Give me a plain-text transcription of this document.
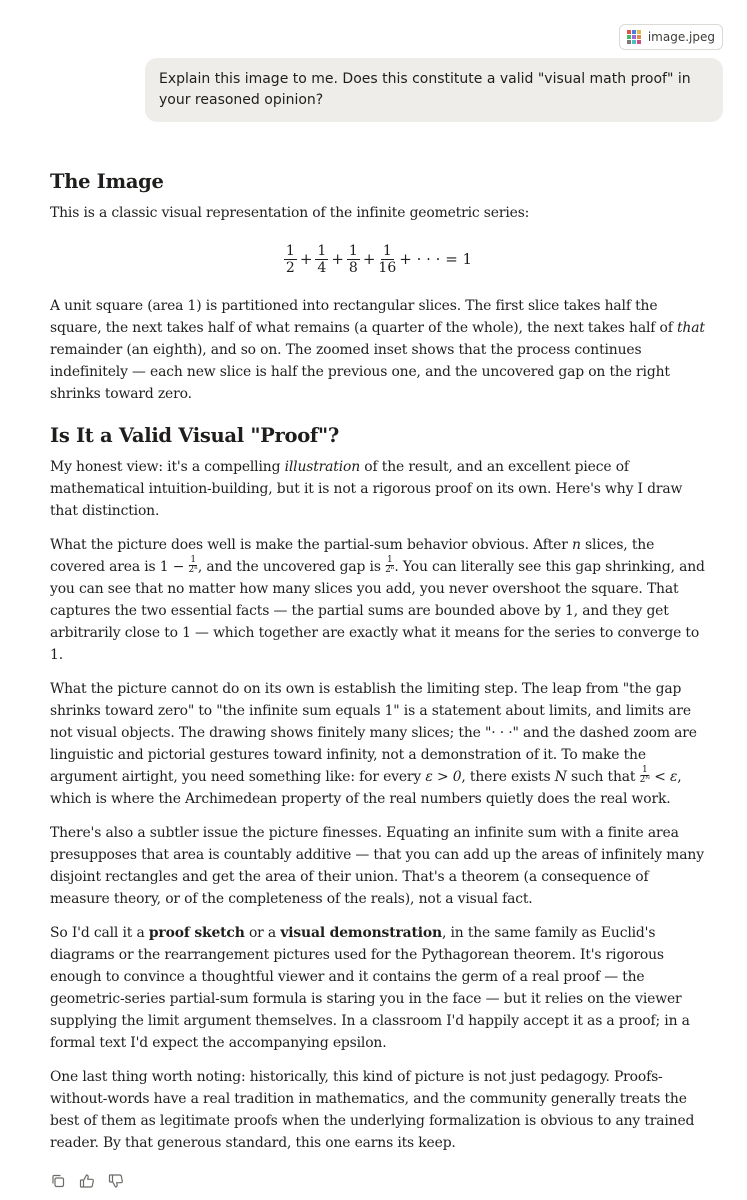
image.jpeg
Explain this image to me. Does this constitute a valid "visual math proof" in your reasoned opinion?
The Image

This is a classic visual representation of the infinite geometric series:

$\frac{1}{2} + \frac{1}{4} + \frac{1}{8} + \frac{1}{16}$ + · · · = 1

A unit square (area 1) is partitioned into rectangular slices. The first slice takes half the square, the next takes half of what remains (a quarter of the whole), the next takes half of that remainder (an eighth), and so on. The zoomed inset shows that the process continues indefinitely — each new slice is half the previous one, and the uncovered gap on the right shrinks toward zero.

Is It a Valid Visual "Proof"?

My honest view: it's a compelling illustration of the result, and an excellent piece of mathematical intuition-building, but it is not a rigorous proof on its own. Here's why I draw that distinction.

What the picture does well is make the partial-sum behavior obvious. After n slices, the covered area is $1 - \frac{1}{\text{2ⁿ}}$ , and the uncovered gap is $\frac{1}{\text{2ⁿ}}$ . You can literally see this gap shrinking, and you can see that no matter how many slices you add, you never overshoot the square. That captures the two essential facts — the partial sums are bounded above by 1, and they get arbitrarily close to 1 — which together are exactly what it means for the series to converge to 1.

What the picture cannot do on its own is establish the limiting step. The leap from "the gap shrinks toward zero" to "the infinite sum equals 1" is a statement about limits, and limits are not visual objects. The drawing shows finitely many slices; the "· · ·" and the dashed zoom are linguistic and pictorial gestures toward infinity, not a demonstration of it. To make the argument airtight, you need something like: for every ε > 0, there exists N such that $\frac{1}{\text{2ᴺ}} < \varepsilon$, which is where the Archimedean property of the real numbers quietly does the real work.

There's also a subtler issue the picture finesses. Equating an infinite sum with a finite area presupposes that area is countably additive — that you can add up the areas of infinitely many disjoint rectangles and get the area of their union. That's a theorem (a consequence of measure theory, or of the completeness of the reals), not a visual fact.

So I'd call it a proof sketch or a visual demonstration, in the same family as Euclid's diagrams or the rearrangement pictures used for the Pythagorean theorem. It's rigorous enough to convince a thoughtful viewer and it contains the germ of a real proof — the geometric-series partial-sum formula is staring you in the face — but it relies on the viewer supplying the limit argument themselves. In a classroom I'd happily accept it as a proof; in a formal text I'd expect the accompanying epsilon.

One last thing worth noting: historically, this kind of picture is not just pedagogy. Proofs-without-words have a real tradition in mathematics, and the community generally treats the best of them as legitimate proofs when the underlying formalization is obvious to any trained reader. By that generous standard, this one earns its keep.
